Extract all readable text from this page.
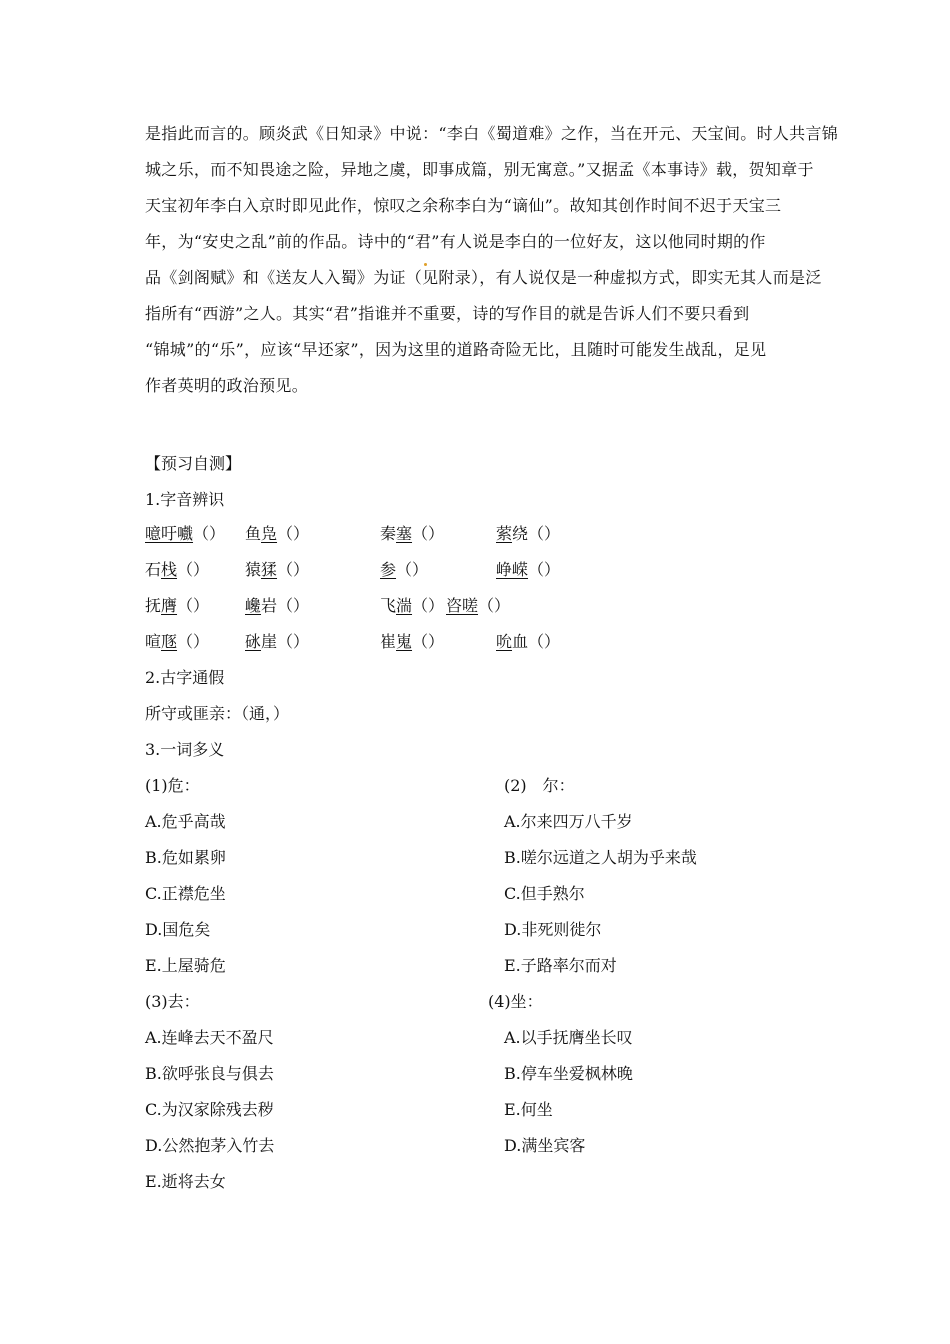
是指此而言的。顾炎武《日知录》中说：“李白《蜀道难》之作，当在开元、天宝间。时人共言锦
城之乐，而不知畏途之险，异地之虞，即事成篇，别无寓意。”又据孟《本事诗》载，贺知章于
天宝初年李白入京时即见此作，惊叹之余称李白为“谪仙”。故知其创作时间不迟于天宝三
年，为“安史之乱”前的作品。诗中的“君”有人说是李白的一位好友，这以他同时期的作
品《剑阁赋》和《送友人入蜀》为证（见附录），有人说仅是一种虚拟方式，即实无其人而是泛
指所有“西游”之人。其实“君”指谁并不重要，诗的写作目的就是告诉人们不要只看到
“锦城”的“乐”，应该“早还家”，因为这里的道路奇险无比，且随时可能发生战乱，足见
作者英明的政治预见。
【预习自测】
1.字音辨识
噫吁嚱（） 鱼凫（）	秦塞（）	萦绕（）
石栈（） 猿猱（）	参（）	峥嵘（）
抚膺（） 巉岩（）	飞湍（） 咨嗟（）
喧豗（） 砯崖（）	崔嵬（）	吮血（）
2.古字通假
所守或匪亲：（通，）
3.一词多义
(1)危：	(2)　尔：
A.危乎高哉
B.危如累卵
C.正襟危坐
D.国危矣
E.上屋骑危
A.尔来四万八千岁
B.嗟尔远道之人胡为乎来哉
C.但手熟尔
D.非死则徙尔
E.子路率尔而对
(3)去：	(4)坐：
A.连峰去天不盈尺
B.欲呼张良与俱去
C.为汉家除残去秽
D.公然抱茅入竹去
E.逝将去女
A.以手抚膺坐长叹
B.停车坐爱枫林晚
E.何坐
D.满坐宾客
